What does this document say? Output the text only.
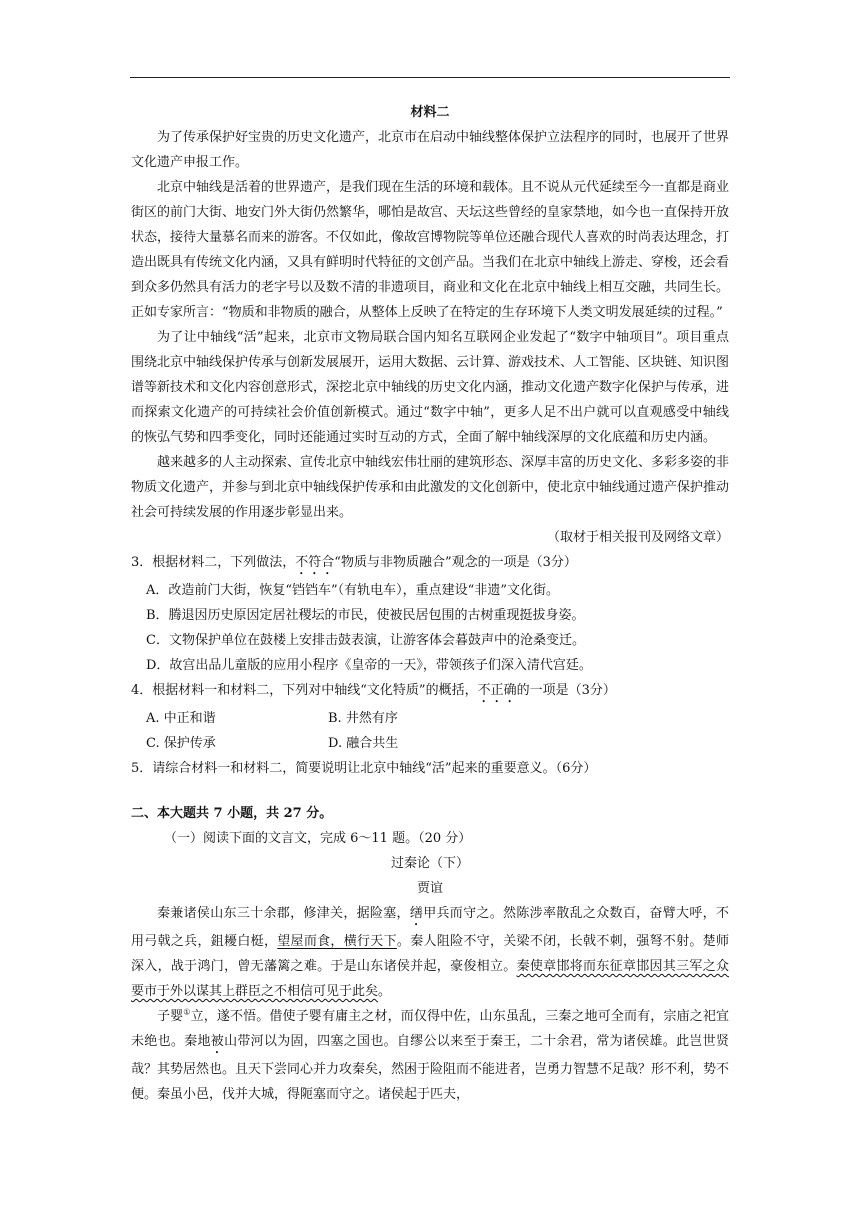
材料二

为了传承保护好宝贵的历史文化遗产，北京市在启动中轴线整体保护立法程序的同时，也展开了世界文化遗产申报工作。

北京中轴线是活着的世界遗产，是我们现在生活的环境和载体。且不说从元代延续至今一直都是商业街区的前门大街、地安门外大街仍然繁华，哪怕是故宫、天坛这些曾经的皇家禁地，如今也一直保持开放状态，接待大量慕名而来的游客。不仅如此，像故宫博物院等单位还融合现代人喜欢的时尚表达理念，打造出既具有传统文化内涵，又具有鲜明时代特征的文创产品。当我们在北京中轴线上游走、穿梭，还会看到众多仍然具有活力的老字号以及数不清的非遗项目，商业和文化在北京中轴线上相互交融，共同生长。正如专家所言：“物质和非物质的融合，从整体上反映了在特定的生存环境下人类文明发展延续的过程。”

为了让中轴线“活”起来，北京市文物局联合国内知名互联网企业发起了“数字中轴项目”。项目重点围绕北京中轴线保护传承与创新发展展开，运用大数据、云计算、游戏技术、人工智能、区块链、知识图谱等新技术和文化内容创意形式，深挖北京中轴线的历史文化内涵，推动文化遗产数字化保护与传承，进而探索文化遗产的可持续社会价值创新模式。通过“数字中轴”，更多人足不出户就可以直观感受中轴线的恢弘气势和四季变化，同时还能通过实时互动的方式，全面了解中轴线深厚的文化底蕴和历史内涵。

越来越多的人主动探索、宣传北京中轴线宏伟壮丽的建筑形态、深厚丰富的历史文化、多彩多姿的非物质文化遗产，并参与到北京中轴线保护传承和由此激发的文化创新中，使北京中轴线通过遗产保护推动社会可持续发展的作用逐步彰显出来。

（取材于相关报刊及网络文章）

3．根据材料二，下列做法，不符合“物质与非物质融合”观念的一项是（3分）

A．改造前门大街，恢复“铛铛车”（有轨电车），重点建设“非遗”文化街。

B．腾退因历史原因定居社稷坛的市民，使被民居包围的古树重现挺拔身姿。

C．文物保护单位在鼓楼上安排击鼓表演，让游客体会暮鼓声中的沧桑变迁。

D．故宫出品儿童版的应用小程序《皇帝的一天》，带领孩子们深入清代宫廷。

4．根据材料一和材料二，下列对中轴线“文化特质”的概括，不正确的一项是（3分）

A. 中正和谐	B. 井然有序
C. 保护传承	D. 融合共生

5．请综合材料一和材料二，简要说明让北京中轴线“活”起来的重要意义。（6分）

二、本大题共 7 小题，共 27 分。
（一）阅读下面的文言文，完成 6～11 题。（20 分）
过秦论（下）
贾谊

秦兼诸侯山东三十余郡，修津关，据险塞，缮甲兵而守之。然陈涉率散乱之众数百，奋臂大呼，不用弓戟之兵，鉏耰白梃，望屋而食，横行天下。秦人阻险不守，关梁不闭，长戟不刺，强弩不射。楚师深入，战于鸿门，曾无藩篱之难。于是山东诸侯并起，豪俊相立。秦使章邯将而东征章邯因其三军之众要市于外以谋其上群臣之不相信可见于此矣。

子婴①立，遂不悟。借使子婴有庸主之材，而仅得中佐，山东虽乱，三秦之地可全而有，宗庙之祀宜未绝也。秦地被山带河以为固，四塞之国也。自缪公以来至于秦王，二十余君，常为诸侯雄。此岂世贤哉？其势居然也。且天下尝同心并力攻秦矣，然困于险阻而不能进者，岂勇力智慧不足哉？形不利，势不便。秦虽小邑，伐并大城，得阨塞而守之。诸侯起于匹夫，
